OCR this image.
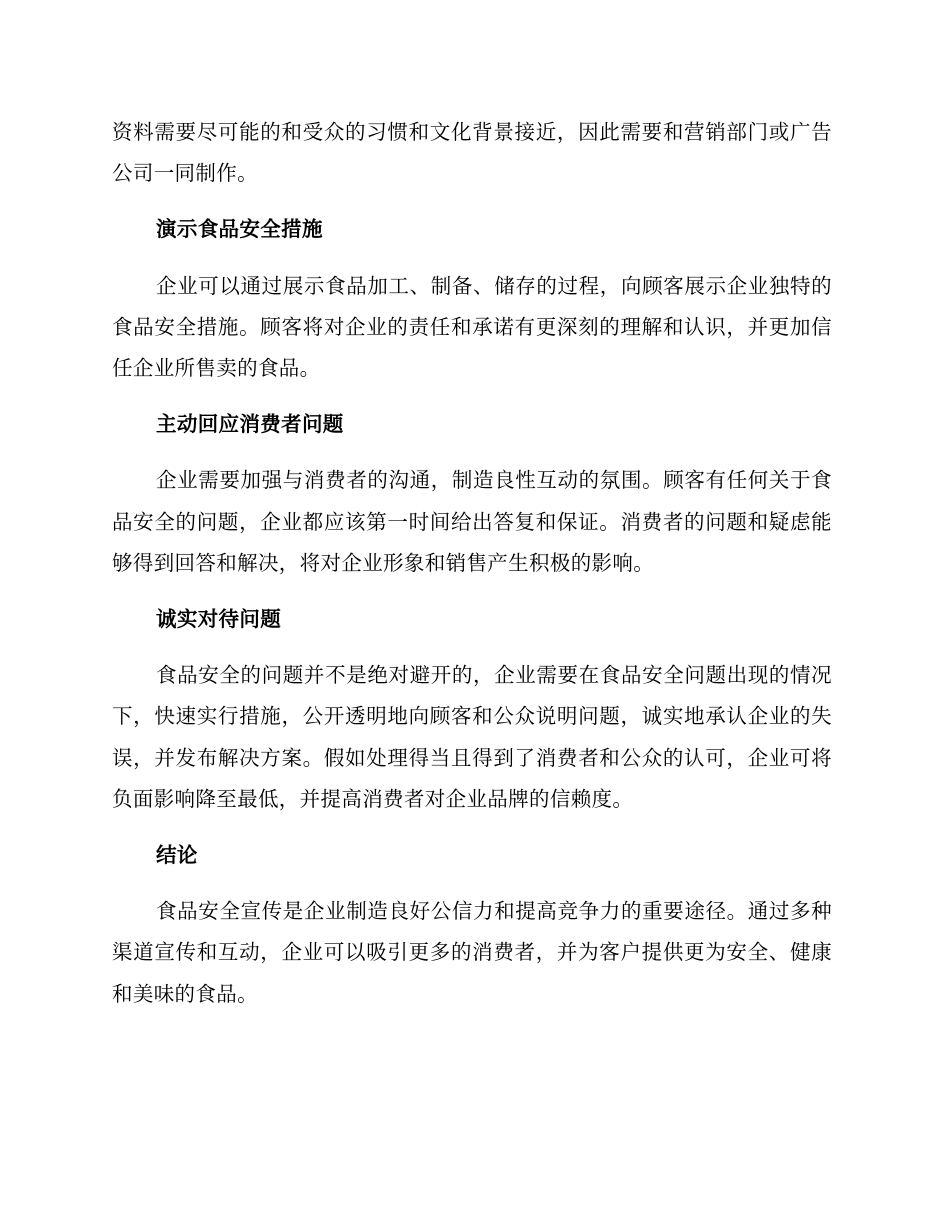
资料需要尽可能的和受众的习惯和文化背景接近，因此需要和营销部门或广告公司一同制作。

演示食品安全措施

企业可以通过展示食品加工、制备、储存的过程，向顾客展示企业独特的食品安全措施。顾客将对企业的责任和承诺有更深刻的理解和认识，并更加信任企业所售卖的食品。

主动回应消费者问题

企业需要加强与消费者的沟通，制造良性互动的氛围。顾客有任何关于食品安全的问题，企业都应该第一时间给出答复和保证。消费者的问题和疑虑能够得到回答和解决，将对企业形象和销售产生积极的影响。

诚实对待问题

食品安全的问题并不是绝对避开的，企业需要在食品安全问题出现的情况下，快速实行措施，公开透明地向顾客和公众说明问题，诚实地承认企业的失误，并发布解决方案。假如处理得当且得到了消费者和公众的认可，企业可将负面影响降至最低，并提高消费者对企业品牌的信赖度。

结论

食品安全宣传是企业制造良好公信力和提高竞争力的重要途径。通过多种渠道宣传和互动，企业可以吸引更多的消费者，并为客户提供更为安全、健康和美味的食品。
